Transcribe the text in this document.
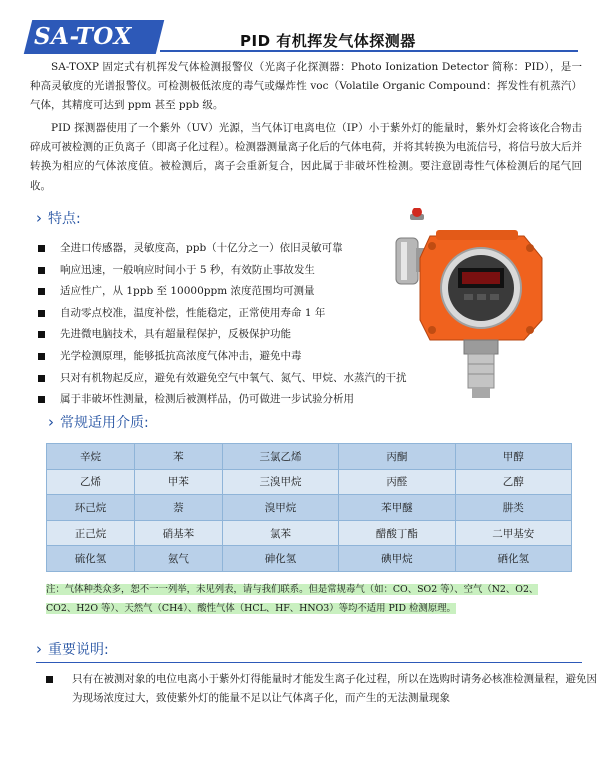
SA-TOX	PID 有机挥发气体探测器
SA-TOXP 固定式有机挥发气体检测报警仪（光离子化探测器：Photo Ionization Detector 简称：PID），是一种高灵敏度的光谱报警仪。可检测极低浓度的毒气或爆炸性 voc（Volatile Organic Compound：挥发性有机蒸汽）气体，其精度可达到 ppm 甚至 ppb 级。
PID 探测器使用了一个紫外（UV）光源，当气体订电离电位（IP）小于紫外灯的能量时，紫外灯会将该化合物击碎成可被检测的正负离子（即离子化过程）。检测器测量离子化后的气体电荷，并将其转换为电流信号，将信号放大后并转换为相应的气体浓度值。被检测后，离子会重新复合，因此属于非破坏性检测。要注意剧毒性气体检测后的尾气回收。
› 特点:
全进口传感器，灵敏度高，ppb（十亿分之一）依旧灵敏可靠
响应迅速，一般响应时间小于 5 秒，有效防止事故发生
适应性广，从 1ppb 至 10000ppm 浓度范围均可测量
自动零点校准，温度补偿，性能稳定，正常使用寿命 1 年
先进微电脑技术，具有超量程保护，反极保护功能
光学检测原理，能够抵抗高浓度气体冲击，避免中毒
只对有机物起反应，避免有效避免空气中氧气、氮气、甲烷、水蒸汽的干扰
属于非破坏性测量，检测后被测样品，仍可做进一步试验分析用
› 常规适用介质:
辛烷	苯	三氯乙烯	丙酮	甲醇
乙烯	甲苯	三溴甲烷	丙醛	乙醇
环己烷	萘	溴甲烷	苯甲醚	肼类
正己烷	硝基苯	氯苯	醋酸丁酯	二甲基安
硫化氢	氨气	砷化氢	碘甲烷	硒化氢
注：气体种类众多，恕不一一列举，未见列表，请与我们联系。但是常规毒气（如：CO、SO2 等）、空气（N2、O2、CO2、H2O 等）、天然气（CH4）、酸性气体（HCL、HF、HNO3）等均不适用 PID 检测原理。
› 重要说明:
只有在被测对象的电位电离小于紫外灯得能量时才能发生离子化过程，所以在选购时请务必核准检测量程，避免因为现场浓度过大，致使紫外灯的能量不足以让气体离子化，而产生的无法测量现象
